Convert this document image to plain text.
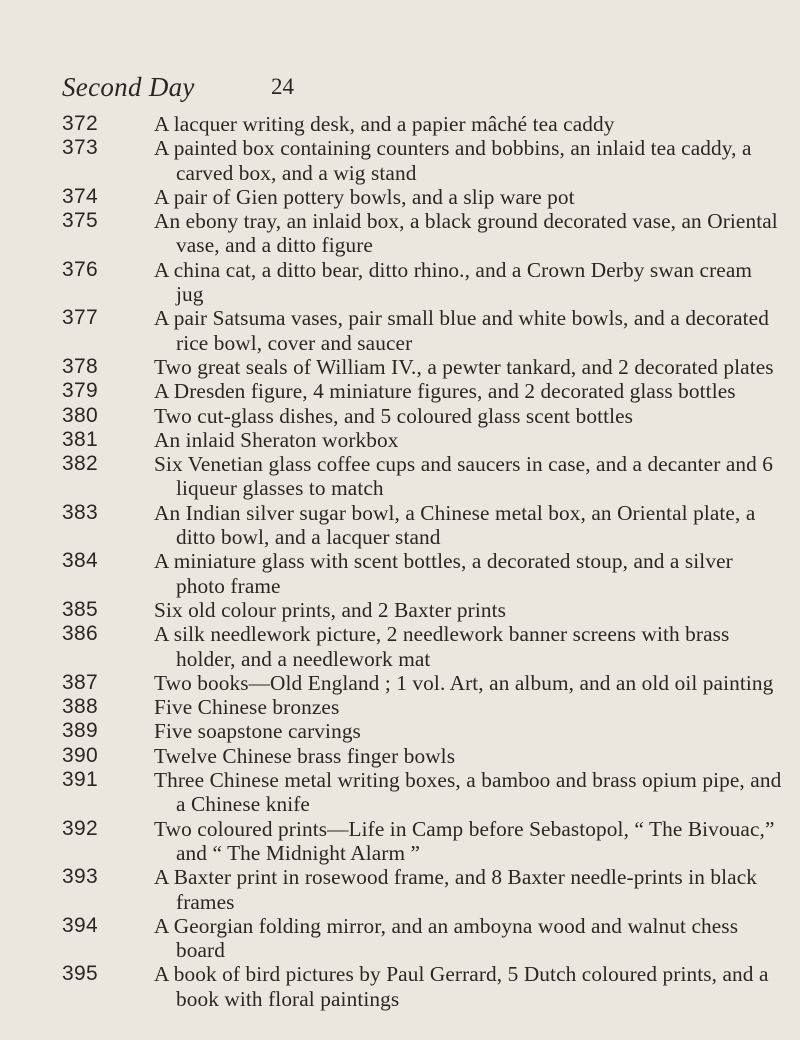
Second Day	24
372	A lacquer writing desk, and a papier mâché tea caddy
373	A painted box containing counters and bobbins, an inlaid tea caddy, a carved box, and a wig stand
374	A pair of Gien pottery bowls, and a slip ware pot
375	An ebony tray, an inlaid box, a black ground decorated vase, an Oriental vase, and a ditto figure
376	A china cat, a ditto bear, ditto rhino., and a Crown Derby swan cream jug
377	A pair Satsuma vases, pair small blue and white bowls, and a decorated rice bowl, cover and saucer
378	Two great seals of William IV., a pewter tankard, and 2 decorated plates
379	A Dresden figure, 4 miniature figures, and 2 decorated glass bottles
380	Two cut-glass dishes, and 5 coloured glass scent bottles
381	An inlaid Sheraton workbox
382	Six Venetian glass coffee cups and saucers in case, and a decanter and 6 liqueur glasses to match
383	An Indian silver sugar bowl, a Chinese metal box, an Oriental plate, a ditto bowl, and a lacquer stand
384	A miniature glass with scent bottles, a decorated stoup, and a silver photo frame
385	Six old colour prints, and 2 Baxter prints
386	A silk needlework picture, 2 needlework banner screens with brass holder, and a needlework mat
387	Two books—Old England ; 1 vol. Art, an album, and an old oil painting
388	Five Chinese bronzes
389	Five soapstone carvings
390	Twelve Chinese brass finger bowls
391	Three Chinese metal writing boxes, a bamboo and brass opium pipe, and a Chinese knife
392	Two coloured prints—Life in Camp before Sebastopol, “ The Bivouac,” and “ The Midnight Alarm ”
393	A Baxter print in rosewood frame, and 8 Baxter needle-prints in black frames
394	A Georgian folding mirror, and an amboyna wood and walnut chess board
395	A book of bird pictures by Paul Gerrard, 5 Dutch coloured prints, and a book with floral paintings
